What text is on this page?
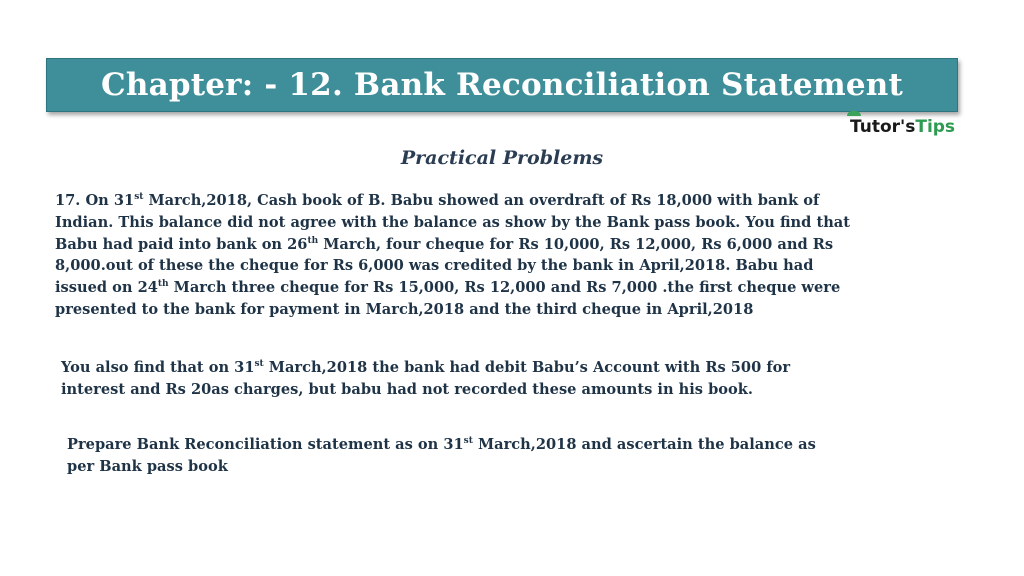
Chapter: - 12. Bank Reconciliation Statement
Tutor's Tips
Practical Problems
17. On 31st March,2018, Cash book of B. Babu showed an overdraft of Rs 18,000 with bank of
Indian. This balance did not agree with the balance as show by the Bank pass book. You find that
Babu had paid into bank on 26th March, four cheque for Rs 10,000, Rs 12,000, Rs 6,000 and Rs
8,000.out of these the cheque for Rs 6,000 was credited by the bank in April,2018. Babu had
issued on 24th March three cheque for Rs 15,000, Rs 12,000 and Rs 7,000 .the first cheque were
presented to the bank for payment in March,2018 and the third cheque in April,2018
You also find that on 31st March,2018 the bank had debit Babu’s Account with Rs 500 for
interest and Rs 20as charges, but babu had not recorded these amounts in his book.
Prepare Bank Reconciliation statement as on 31st March,2018 and ascertain the balance as
per Bank pass book
